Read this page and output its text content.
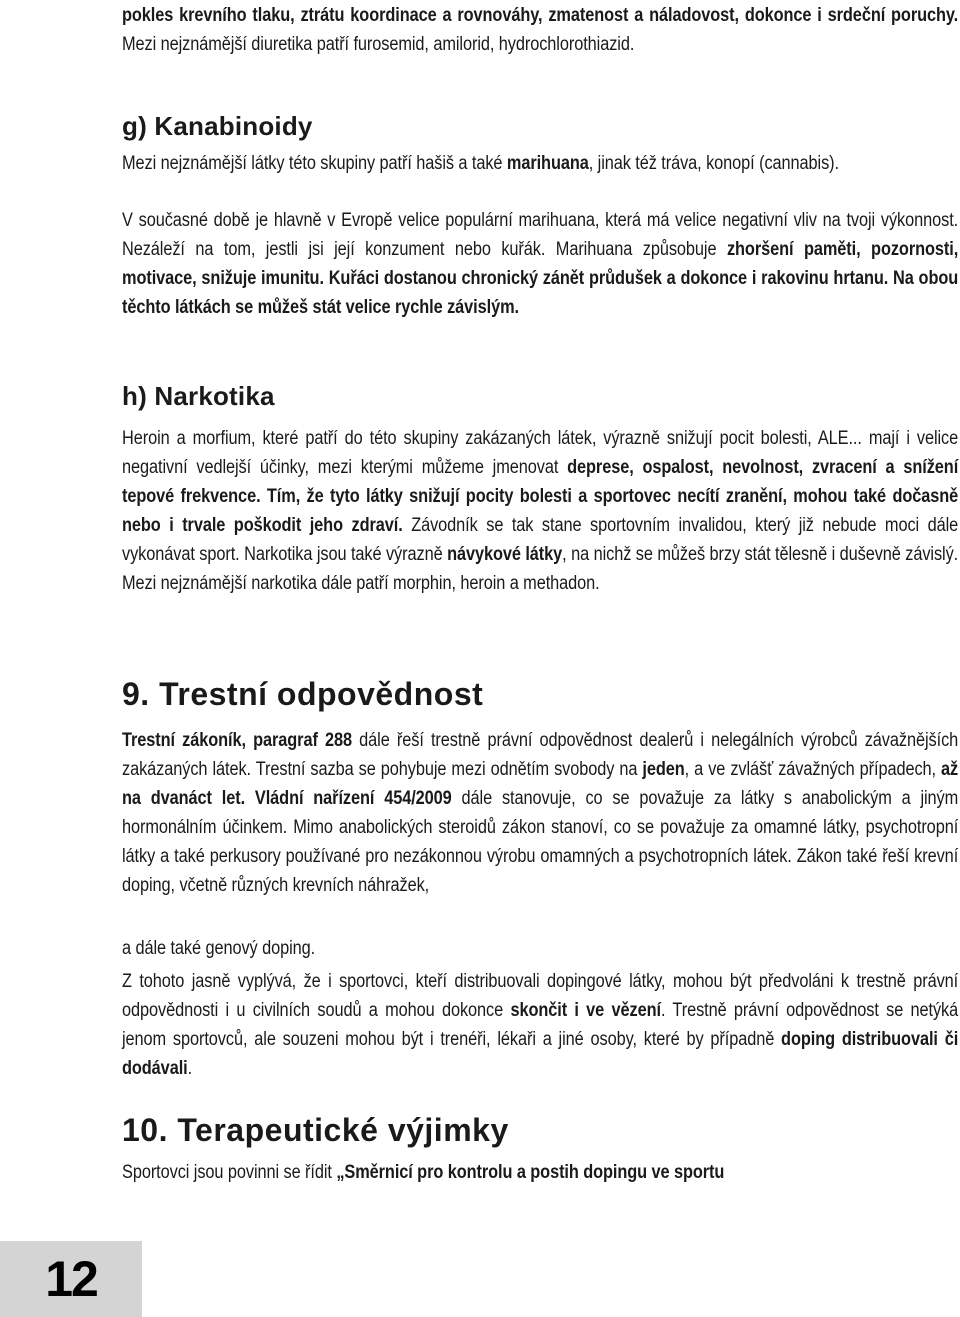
pokles krevního tlaku, ztrátu koordinace a rovnováhy, zmatenost a náladovost, dokonce i srdeční poruchy. Mezi nejznámější diuretika patří furosemid, amilorid, hydrochlorothiazid.

g) Kanabinoidy

Mezi nejznámější látky této skupiny patří hašiš a také marihuana, jinak též tráva, konopí (cannabis).

V současné době je hlavně v Evropě velice populární marihuana, která má velice negativní vliv na tvoji výkonnost. Nezáleží na tom, jestli jsi její konzument nebo kuřák. Marihuana způsobuje zhoršení paměti, pozornosti, motivace, snižuje imunitu. Kuřáci dostanou chronický zánět průdušek a dokonce i rakovinu hrtanu. Na obou těchto látkách se můžeš stát velice rychle závislým.

h) Narkotika

Heroin a morfium, které patří do této skupiny zakázaných látek, výrazně snižují pocit bolesti, ALE... mají i velice negativní vedlejší účinky, mezi kterými můžeme jmenovat deprese, ospalost, nevolnost, zvracení a snížení tepové frekvence. Tím, že tyto látky snižují pocity bolesti a sportovec necítí zranění, mohou také dočasně nebo i trvale poškodit jeho zdraví. Závodník se tak stane sportovním invalidou, který již nebude moci dále vykonávat sport. Narkotika jsou také výrazně návykové látky, na nichž se můžeš brzy stát tělesně i duševně závislý. Mezi nejznámější narkotika dále patří morphin, heroin a methadon.

9. Trestní odpovědnost

Trestní zákoník, paragraf 288 dále řeší trestně právní odpovědnost dealerů i nelegálních výrobců závažnějších zakázaných látek. Trestní sazba se pohybuje mezi odnětím svobody na jeden, a ve zvlášť závažných případech, až na dvanáct let. Vládní nařízení 454/2009 dále stanovuje, co se považuje za látky s anabolickým a jiným hormonálním účinkem. Mimo anabolických steroidů zákon stanoví, co se považuje za omamné látky, psychotropní látky a také perkusory používané pro nezákonnou výrobu omamných a psychotropních látek. Zákon také řeší krevní doping, včetně různých krevních náhražek,

a dále také genový doping.

Z tohoto jasně vyplývá, že i sportovci, kteří distribuovali dopingové látky, mohou být předvoláni k trestně právní odpovědnosti i u civilních soudů a mohou dokonce skončit i ve vězení. Trestně právní odpovědnost se netýká jenom sportovců, ale souzeni mohou být i trenéři, lékaři a jiné osoby, které by případně doping distribuovali či dodávali.

10. Terapeutické výjimky

Sportovci jsou povinni se řídit „Směrnicí pro kontrolu a postih dopingu ve sportu

12
